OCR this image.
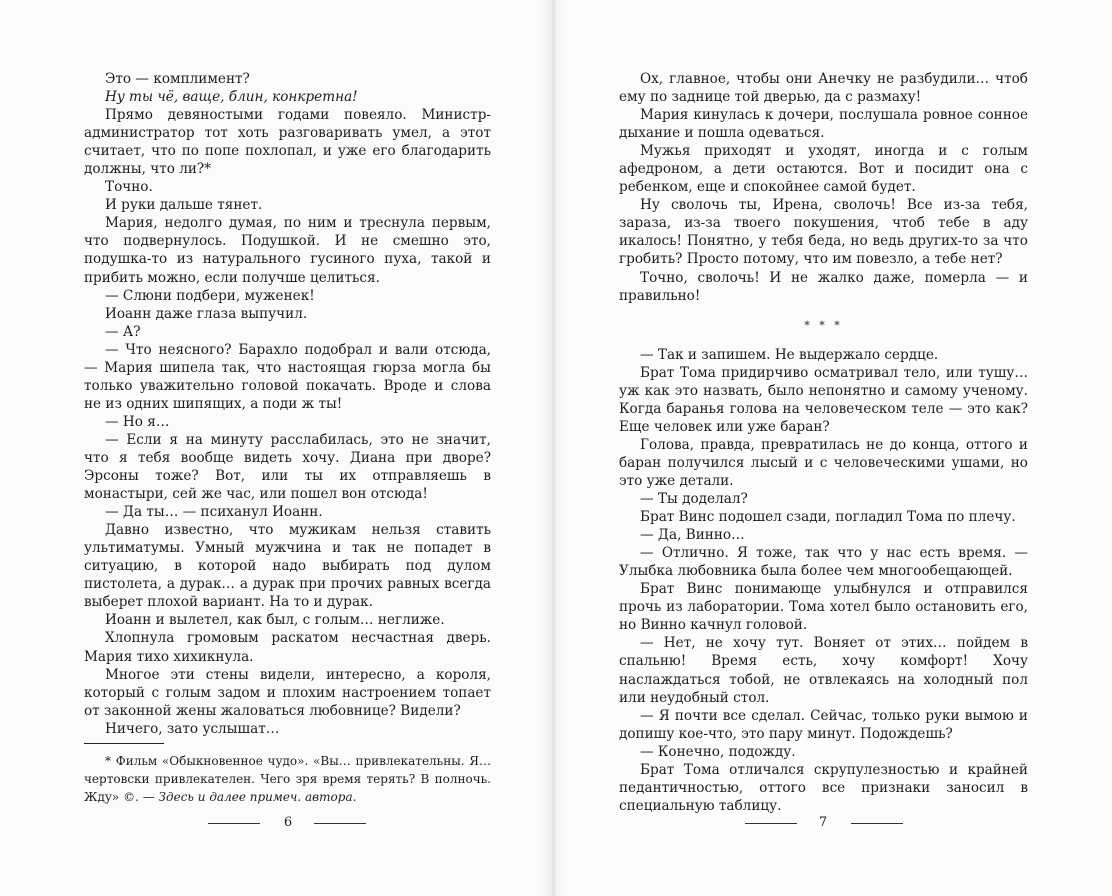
Это — комплимент?

Ну ты чё, ваще, блин, конкретна!

Прямо девяностыми годами повеяло. Министр-администратор тот хоть разговаривать умел, а этот считает, что по попе похлопал, и уже его благодарить должны, что ли?*

Точно.

И руки дальше тянет.

Мария, недолго думая, по ним и треснула первым, что подвернулось. Подушкой. И не смешно это, подушка-то из натурального гусиного пуха, такой и прибить можно, если получше целиться.

— Слюни подбери, муженек!

Иоанн даже глаза выпучил.

— А?

— Что неясного? Барахло подобрал и вали отсюда, — Мария шипела так, что настоящая гюрза могла бы только уважительно головой покачать. Вроде и слова не из одних шипящих, а поди ж ты!

— Но я…

— Если я на минуту расслабилась, это не значит, что я тебя вообще видеть хочу. Диана при дворе? Эрсоны тоже? Вот, или ты их отправляешь в монастыри, сей же час, или пошел вон отсюда!

— Да ты… — психанул Иоанн.

Давно известно, что мужикам нельзя ставить ультиматумы. Умный мужчина и так не попадет в ситуацию, в которой надо выбирать под дулом пистолета, а дурак… а дурак при прочих равных всегда выберет плохой вариант. На то и дурак.

Иоанн и вылетел, как был, с голым… неглиже.

Хлопнула громовым раскатом несчастная дверь. Мария тихо хихикнула.

Многое эти стены видели, интересно, а короля, который с голым задом и плохим настроением топает от законной жены жаловаться любовнице? Видели?

Ничего, зато услышат…

* Фильм «Обыкновенное чудо». «Вы… привлекательны. Я… чертовски привлекателен. Чего зря время терять? В полночь. Жду» ©. — Здесь и далее примеч. автора.

6

Ох, главное, чтобы они Анечку не разбудили… чтоб ему по заднице той дверью, да с размаху!

Мария кинулась к дочери, послушала ровное сонное дыхание и пошла одеваться.

Мужья приходят и уходят, иногда и с голым афедроном, а дети остаются. Вот и посидит она с ребенком, еще и спокойнее самой будет.

Ну сволочь ты, Ирена, сволочь! Все из-за тебя, зараза, из-за твоего покушения, чтоб тебе в аду икалось! Понятно, у тебя беда, но ведь других-то за что гробить? Просто потому, что им повезло, а тебе нет?

Точно, сволочь! И не жалко даже, померла — и правильно!

* * *

— Так и запишем. Не выдержало сердце.

Брат Тома придирчиво осматривал тело, или тушу… уж как это назвать, было непонятно и самому ученому. Когда баранья голова на человеческом теле — это как? Еще человек или уже баран?

Голова, правда, превратилась не до конца, оттого и баран получился лысый и с человеческими ушами, но это уже детали.

— Ты доделал?

Брат Винс подошел сзади, погладил Тома по плечу.

— Да, Винно…

— Отлично. Я тоже, так что у нас есть время. — Улыбка любовника была более чем многообещающей.

Брат Винс понимающе улыбнулся и отправился прочь из лаборатории. Тома хотел было остановить его, но Винно качнул головой.

— Нет, не хочу тут. Воняет от этих… пойдем в спальню! Время есть, хочу комфорт! Хочу наслаждаться тобой, не отвлекаясь на холодный пол или неудобный стол.

— Я почти все сделал. Сейчас, только руки вымою и допишу кое-что, это пару минут. Подождешь?

— Конечно, подожду.

Брат Тома отличался скрупулезностью и крайней педантичностью, оттого все признаки заносил в специальную таблицу.

7
